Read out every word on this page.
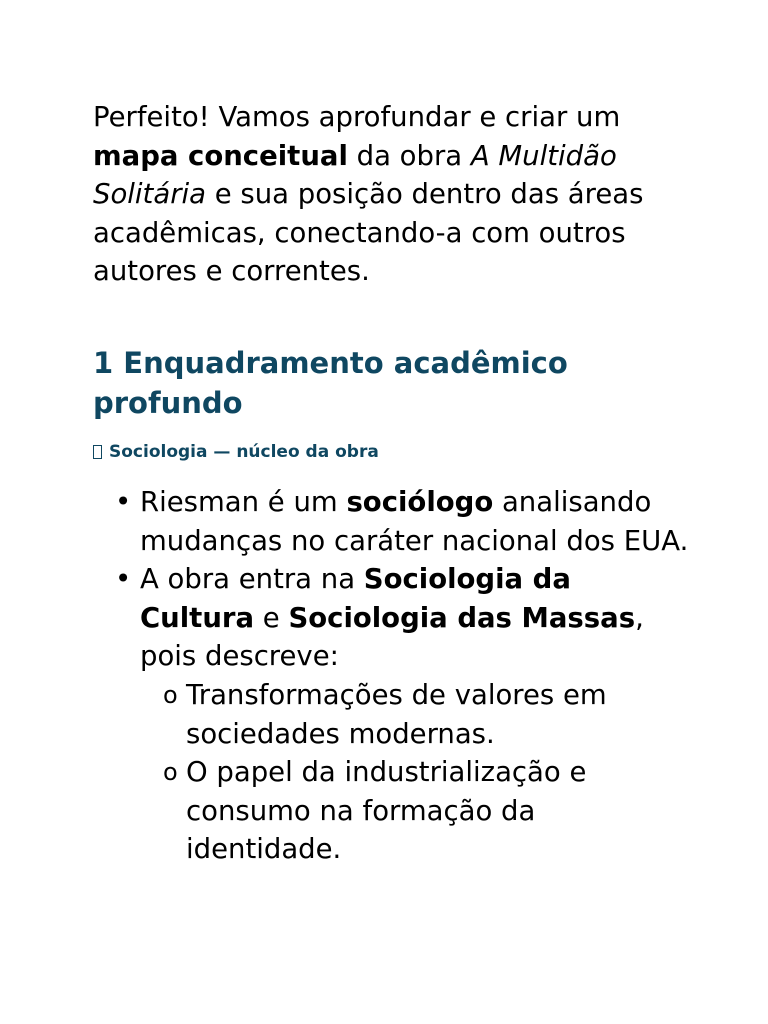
Perfeito! Vamos aprofundar e criar um mapa conceitual da obra A Multidão Solitária e sua posição dentro das áreas acadêmicas, conectando-a com outros autores e correntes.

1 Enquadramento acadêmico profundo
Sociologia — núcleo da obra
• Riesman é um sociólogo analisando mudanças no caráter nacional dos EUA.
• A obra entra na Sociologia da Cultura e Sociologia das Massas, pois descreve:
o Transformações de valores em sociedades modernas.
o O papel da industrialização e consumo na formação da identidade.
